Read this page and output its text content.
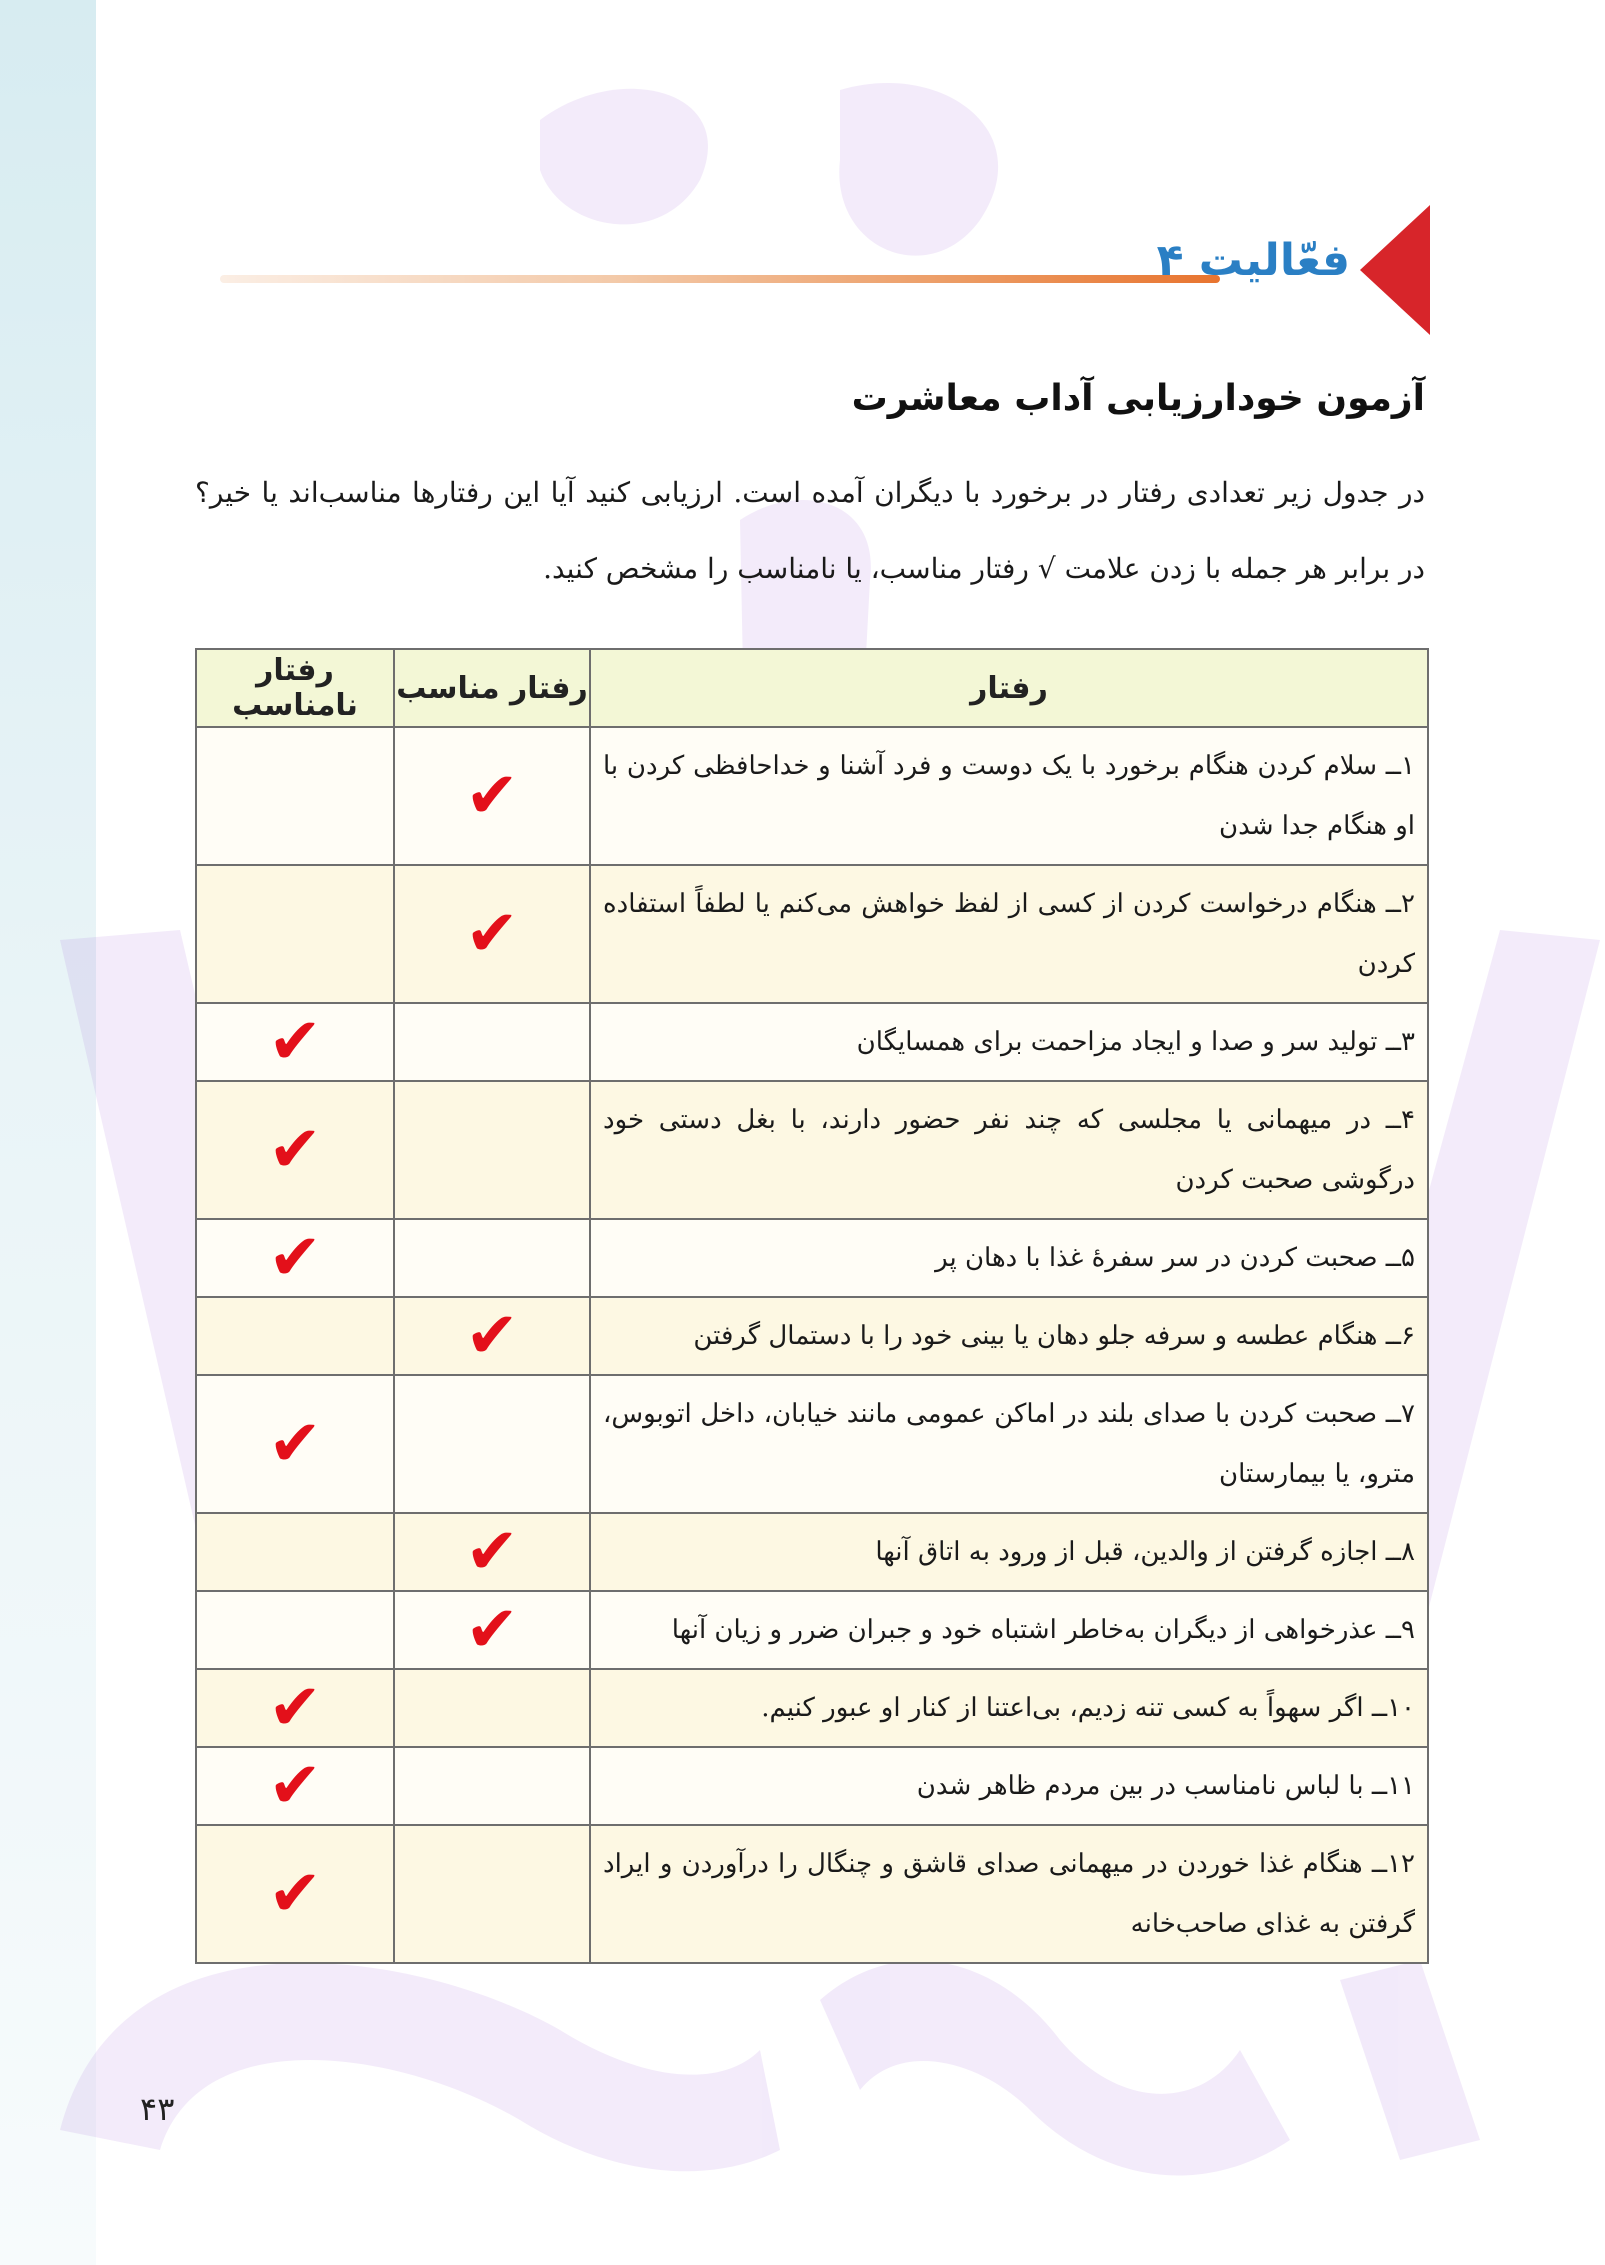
فعّالیت ۴
آزمون خودارزیابی آداب معاشرت
در جدول زیر تعدادی رفتار در برخورد با دیگران آمده است. ارزیابی کنید آیا این رفتارها مناسب‌اند یا خیر؟ در برابر هر جمله با زدن علامت √ رفتار مناسب، یا نامناسب را مشخص کنید.
رفتار	رفتار مناسب	رفتار نامناسب
۱ــ سلام کردن هنگام برخورد با یک دوست و فرد آشنا و خداحافظی کردن با او هنگام جدا شدن	✔	
۲ــ هنگام درخواست کردن از کسی از لفظ خواهش می‌کنم یا لطفاً استفاده کردن	✔	
۳ــ تولید سر و صدا و ایجاد مزاحمت برای همسایگان		✔
۴ــ در میهمانی یا مجلسی که چند نفر حضور دارند، با بغل دستی خود درگوشی صحبت کردن		✔
۵ــ صحبت کردن در سر سفرهٔ غذا با دهان پر		✔
۶ــ هنگام عطسه و سرفه جلو دهان یا بینی خود را با دستمال گرفتن	✔	
۷ــ صحبت کردن با صدای بلند در اماکن عمومی مانند خیابان، داخل اتوبوس، مترو، یا بیمارستان		✔
۸ــ اجازه گرفتن از والدین، قبل از ورود به اتاق آنها	✔	
۹ــ عذرخواهی از دیگران به‌خاطر اشتباه خود و جبران ضرر و زیان آنها	✔	
۱۰ــ اگر سهواً به کسی تنه زدیم، بی‌اعتنا از کنار او عبور کنیم.		✔
۱۱ــ با لباس نامناسب در بین مردم ظاهر شدن		✔
۱۲ــ هنگام غذا خوردن در میهمانی صدای قاشق و چنگال را درآوردن و ایراد گرفتن به غذای صاحب‌خانه		✔
۴۳
